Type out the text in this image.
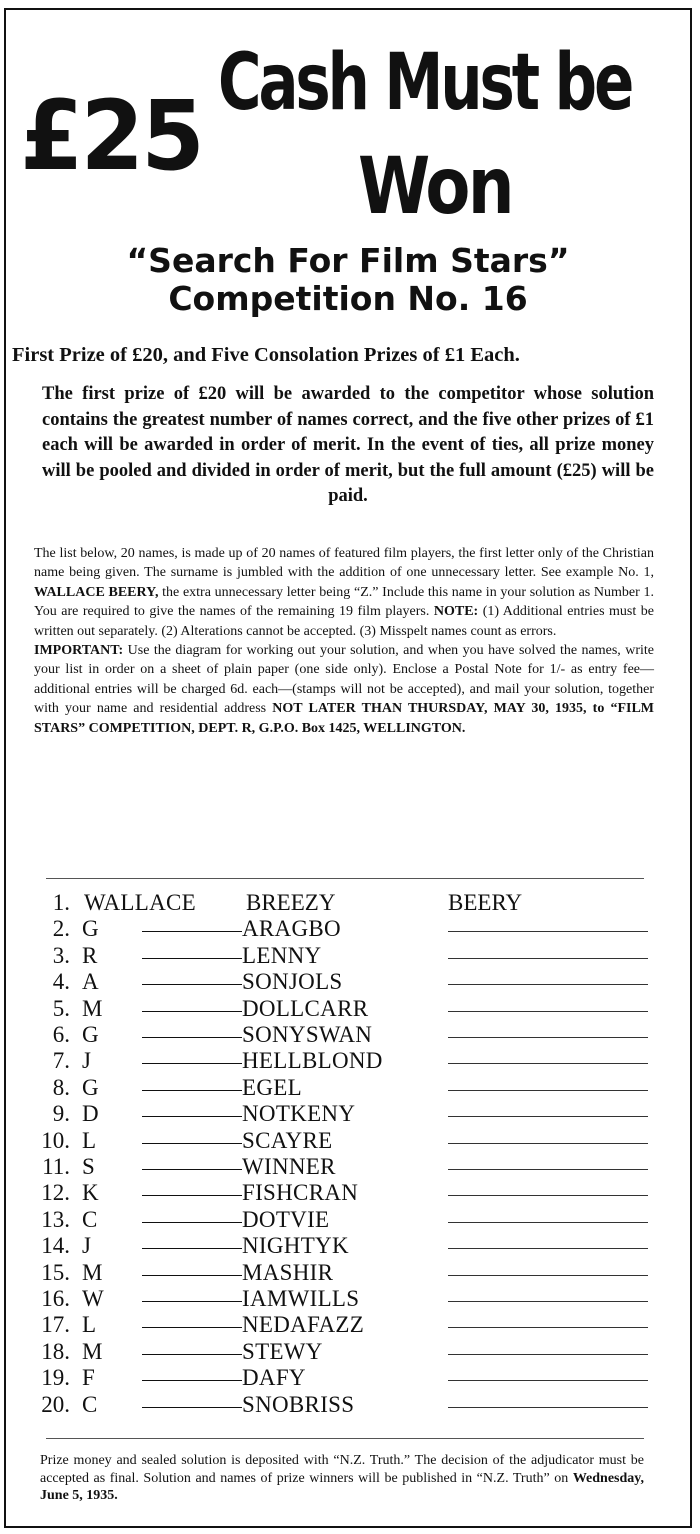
£25 Cash Must be
Won
“Search For Film Stars”
Competition No. 16
First Prize of £20, and Five Consolation Prizes of £1 Each.
The first prize of £20 will be awarded to the competitor whose solution contains the greatest number of names correct, and the five other prizes of £1 each will be awarded in order of merit. In the event of ties, all prize money will be pooled and divided in order of merit, but the full amount (£25) will be paid.

The list below, 20 names, is made up of 20 names of featured film players, the first letter only of the Christian name being given. The surname is jumbled with the addition of one unnecessary letter. See example No. 1, WALLACE BEERY, the extra unnecessary letter being “Z.” Include this name in your solution as Number 1. You are required to give the names of the remaining 19 film players. NOTE: (1) Additional entries must be written out separately. (2) Alterations cannot be accepted. (3) Misspelt names count as errors.

IMPORTANT: Use the diagram for working out your solution, and when you have solved the names, write your list in order on a sheet of plain paper (one side only). Enclose a Postal Note for 1/- as entry fee—additional entries will be charged 6d. each—(stamps will not be accepted), and mail your solution, together with your name and residential address NOT LATER THAN THURSDAY, MAY 30, 1935, to “FILM STARS” COMPETITION, DEPT. R, G.P.O. Box 1425, WELLINGTON.

1. WALLACE BREEZY	BEERY
2. G	ARAGBO
3. R	LENNY
4. A	SONJOLS
5. M	DOLLCARR
6. G	SONYSWAN
7. J	HELLBLOND
8. G	EGEL
9. D	NOTKENY
10. L	SCAYRE
11. S	WINNER
12. K	FISHCRAN
13. C	DOTVIE
14. J	NIGHTYK
15. M	MASHIR
16. W	IAMWILLS
17. L	NEDAFAZZ
18. M	STEWY
19. F	DAFY
20. C	SNOBRISS
Prize money and sealed solution is deposited with “N.Z. Truth.” The decision of the adjudicator must be accepted as final. Solution and names of prize winners will be published in “N.Z. Truth” on Wednesday, June 5, 1935.
